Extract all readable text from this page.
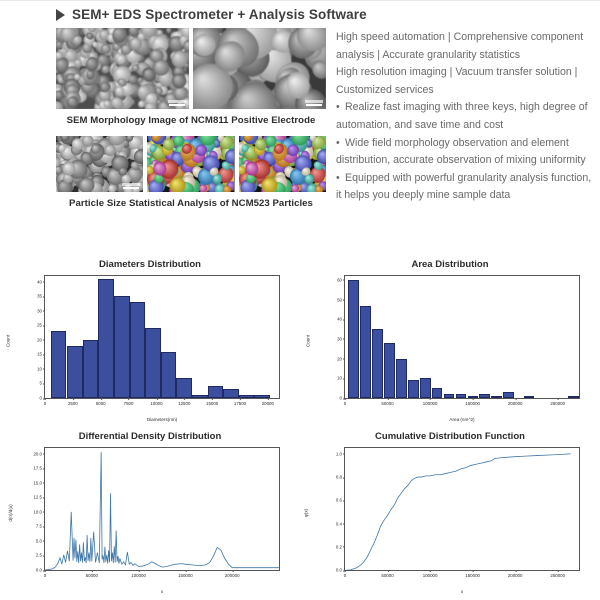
SEM+ EDS Spectrometer + Analysis Software
SEM Morphology Image of NCM811 Positive Electrode
Particle Size Statistical Analysis of NCM523 Particles

High speed automation | Comprehensive component analysis | Accurate granularity statistics

High resolution imaging | Vacuum transfer solution | Customized services

• Realize fast imaging with three keys, high degree of automation, and save time and cost

• Wide field morphology observation and element distribution, accurate observation of mixing uniformity

• Equipped with powerful granularity analysis function, it helps you deeply mine sample data

Diameters Distribution
Count
Diameters(nm)
0
5
10
15
20
25
30
35
40
0	2500	5000	7500	10000	12500	15000	17500	20000
Area Distribution
Count
Area (nm^2)
0
10
20
30
40
50
60
0	50000	100000	150000	200000	250000
Differential Density Distribution
d(n)/d(x)
x
0.0
2.5
5.0
7.5
10.0
12.5
15.0
17.5
20.0
0	50000	100000	150000	200000
Cumulative Distribution Function
φ(x)
x
0.0
0.2
0.4
0.6
0.8
1.0
0	50000	100000	150000	200000	250000
